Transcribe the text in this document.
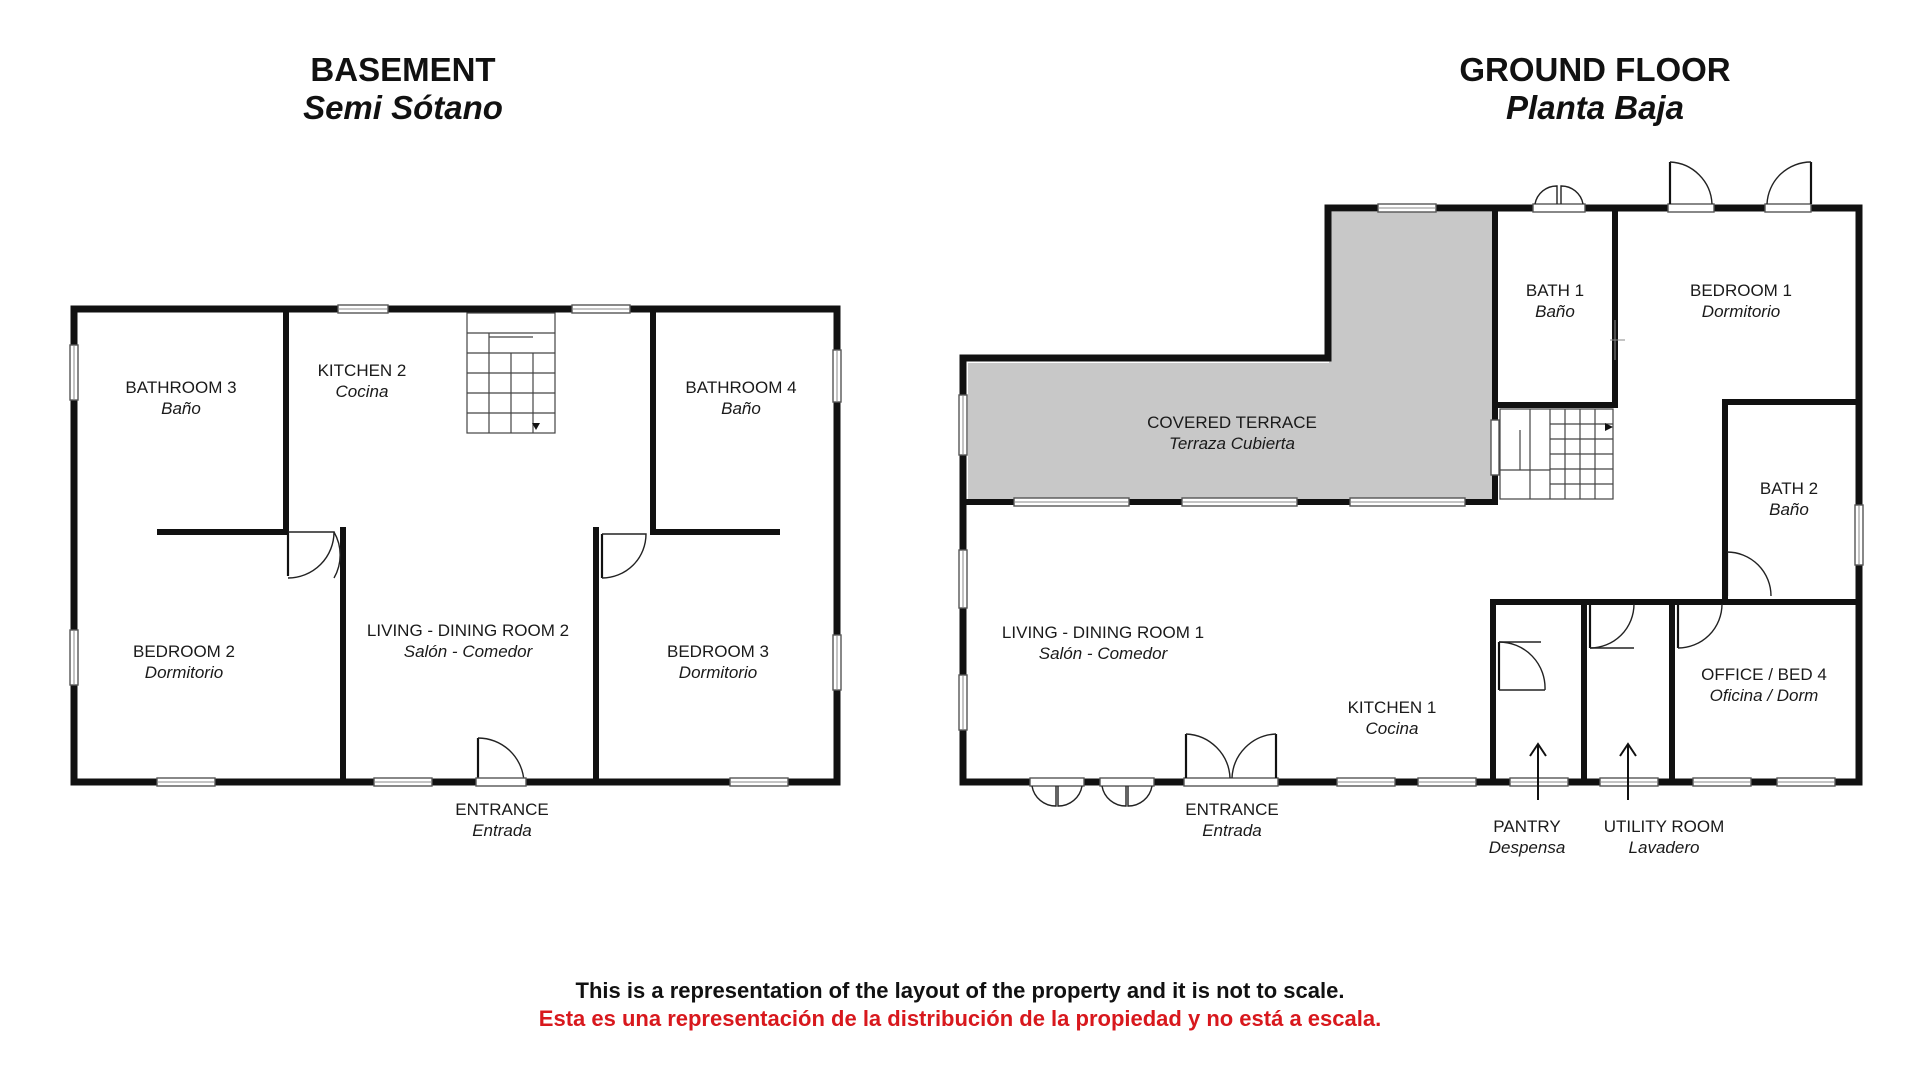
BASEMENT
Semi Sótano
GROUND FLOOR
Planta Baja
BATHROOM 3
Baño
KITCHEN 2
Cocina	BATHROOM 4
Baño
BEDROOM 2
Dormitorio
LIVING - DINING ROOM 2
Salón - Comedor	BEDROOM 3
Dormitorio
ENTRANCE
Entrada
BATH 1
Baño
BEDROOM 1
Dormitorio
COVERED TERRACE
Terraza Cubierta
BATH 2
Baño
LIVING - DINING ROOM 1
Salón - Comedor
KITCHEN 1
Cocina
OFFICE / BED 4
Oficina / Dorm
ENTRANCE
Entrada	PANTRY
Despensa
UTILITY ROOM
Lavadero
This is a representation of the layout of the property and it is not to scale.
Esta es una representación de la distribución de la propiedad y no está a escala.
